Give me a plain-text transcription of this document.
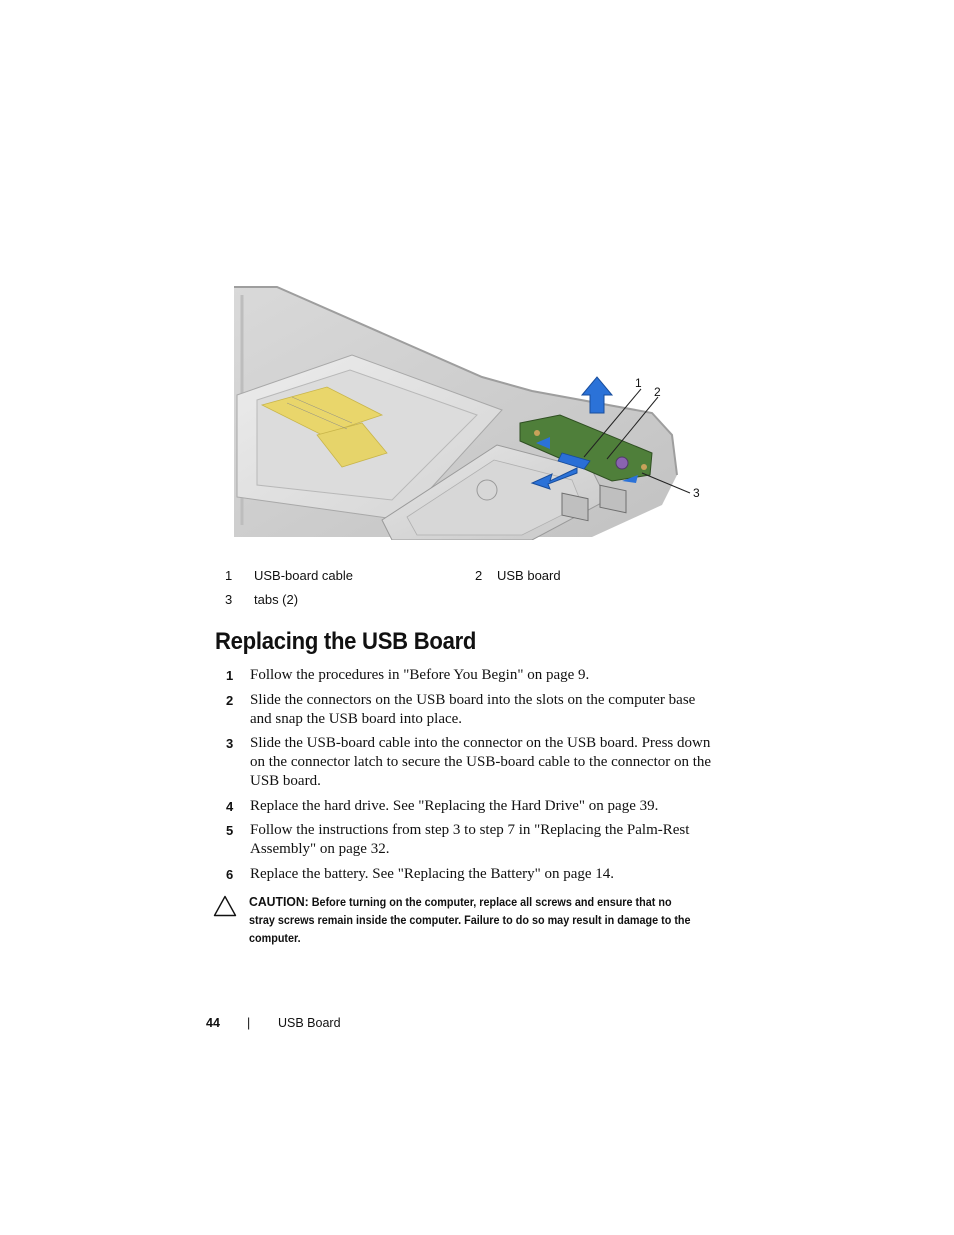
1
2
3
1	USB-board cable	2	USB board
3	tabs (2)
Replacing the USB Board
1 Follow the procedures in "Before You Begin" on page 9.
2 Slide the connectors on the USB board into the slots on the computer base and snap the USB board into place.
3 Slide the USB-board cable into the connector on the USB board. Press down on the connector latch to secure the USB-board cable to the connector on the USB board.
4 Replace the hard drive. See "Replacing the Hard Drive" on page 39.
5 Follow the instructions from step 3 to step 7 in "Replacing the Palm-Rest Assembly" on page 32.
6 Replace the battery. See "Replacing the Battery" on page 14.
CAUTION: Before turning on the computer, replace all screws and ensure that no stray screws remain inside the computer. Failure to do so may result in damage to the computer.
44 | USB Board
